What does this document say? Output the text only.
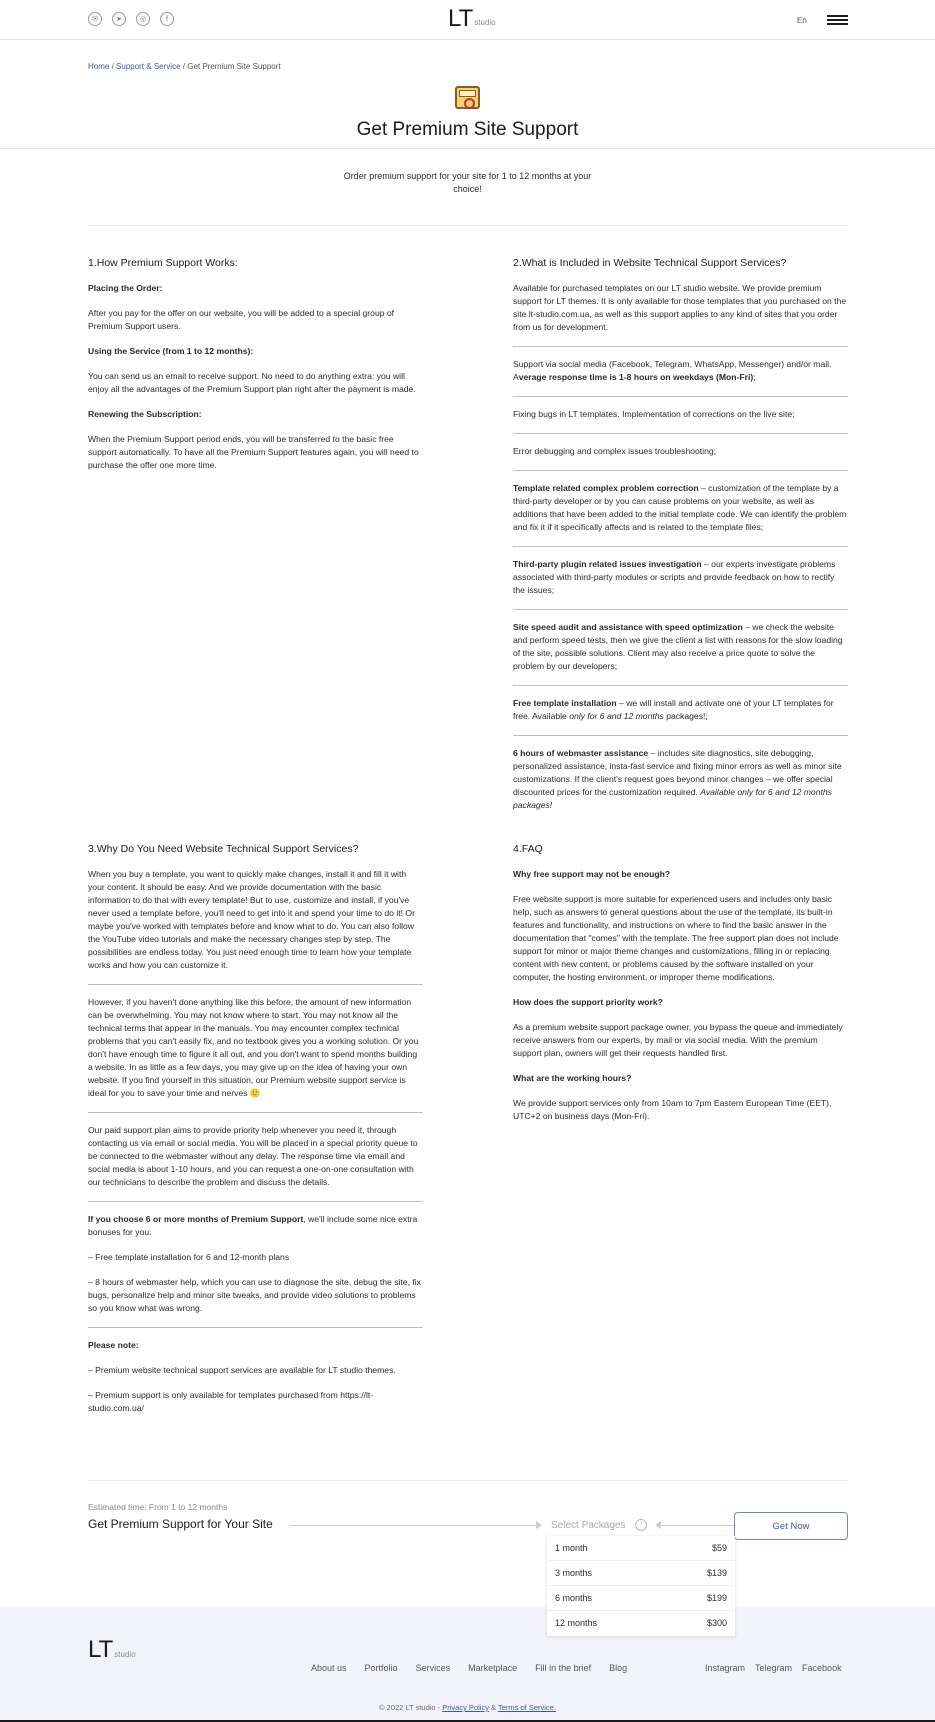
✉	➤	◎	f	LT studio	En
Home / Support & Service / Get Premium Site Support
Get Premium Site Support
Order premium support for your site for 1 to 12 months at your choice!
1.How Premium Support Works:

Placing the Order:

After you pay for the offer on our website, you will be added to a special group of Premium Support users.

Using the Service (from 1 to 12 months):

You can send us an email to receive support. No need to do anything extra: you will enjoy all the advantages of the Premium Support plan right after the payment is made.

Renewing the Subscription:

When the Premium Support period ends, you will be transferred to the basic free support automatically. To have all the Premium Support features again, you will need to purchase the offer one more time.

2.What is Included in Website Technical Support Services?

Available for purchased templates on our LT studio website. We provide premium support for LT themes. It is only available for those templates that you purchased on the site lt-studio.com.ua, as well as this support applies to any kind of sites that you order from us for development.

Support via social media (Facebook, Telegram, WhatsApp, Messenger) and/or mail. Average response time is 1-8 hours on weekdays (Mon-Fri);

Fixing bugs in LT templates. Implementation of corrections on the live site;

Error debugging and complex issues troubleshooting;

Template related complex problem correction – customization of the template by a third-party developer or by you can cause problems on your website, as well as additions that have been added to the initial template code. We can identify the problem and fix it if it specifically affects and is related to the template files;

Third-party plugin related issues investigation – our experts investigate problems associated with third-party modules or scripts and provide feedback on how to rectify the issues;

Site speed audit and assistance with speed optimization – we check the website and perform speed tests, then we give the client a list with reasons for the slow loading of the site, possible solutions. Client may also receive a price quote to solve the problem by our developers;

Free template installation – we will install and activate one of your LT templates for free. Available only for 6 and 12 months packages!;

6 hours of webmaster assistance – includes site diagnostics, site debugging, personalized assistance, insta-fast service and fixing minor errors as well as minor site customizations. If the client's request goes beyond minor changes – we offer special discounted prices for the customization required. Available only for 6 and 12 months packages!

3.Why Do You Need Website Technical Support Services?

When you buy a template, you want to quickly make changes, install it and fill it with your content. It should be easy. And we provide documentation with the basic information to do that with every template! But to use, customize and install, if you've never used a template before, you'll need to get into it and spend your time to do it! Or maybe you've worked with templates before and know what to do. You can also follow the YouTube video tutorials and make the necessary changes step by step. The possibilities are endless today. You just need enough time to learn how your template works and how you can customize it.

However, if you haven't done anything like this before, the amount of new information can be overwhelming. You may not know where to start. You may not know all the technical terms that appear in the manuals. You may encounter complex technical problems that you can't easily fix, and no textbook gives you a working solution. Or you don't have enough time to figure it all out, and you don't want to spend months building a website. In as little as a few days, you may give up on the idea of having your own website. If you find yourself in this situation, our Premium website support service is ideal for you to save your time and nerves 🙂

Our paid support plan aims to provide priority help whenever you need it, through contacting us via email or social media. You will be placed in a special priority queue to be connected to the webmaster without any delay. The response time via email and social media is about 1-10 hours, and you can request a one-on-one consultation with our technicians to describe the problem and discuss the details.

If you choose 6 or more months of Premium Support, we'll include some nice extra bonuses for you:

– Free template installation for 6 and 12-month plans

– 8 hours of webmaster help, which you can use to diagnose the site, debug the site, fix bugs, personalize help and minor site tweaks, and provide video solutions to problems so you know what was wrong.

Please note:

– Premium website technical support services are available for LT studio themes.

– Premium support is only available for templates purchased from https://lt-studio.com.ua/

4.FAQ

Why free support may not be enough?

Free website support is more suitable for experienced users and includes only basic help, such as answers to general questions about the use of the template, its built-in features and functionality, and instructions on where to find the basic answer in the documentation that "comes" with the template. The free support plan does not include support for minor or major theme changes and customizations, filling in or replacing content with new content, or problems caused by the software installed on your computer, the hosting environment, or improper theme modifications.

How does the support priority work?

As a premium website support package owner, you bypass the queue and immediately receive answers from our experts, by mail or via social media. With the premium support plan, owners will get their requests handled first.

What are the working hours?

We provide support services only from 10am to 7pm Eastern European Time (EET), UTC+2 on business days (Mon-Fri).

Estimated time: From 1 to 12 months
Get Premium Support for Your Site	Select Packages	↑	Get Now
1 month	$59
3 months	$139
6 months	$199
12 months	$300
LT studio
About us Portfolio Services Marketplace Fill in the brief Blog	Instagram Telegram Facebook
© 2022 LT studio - Privacy Policy & Terms of Service.
